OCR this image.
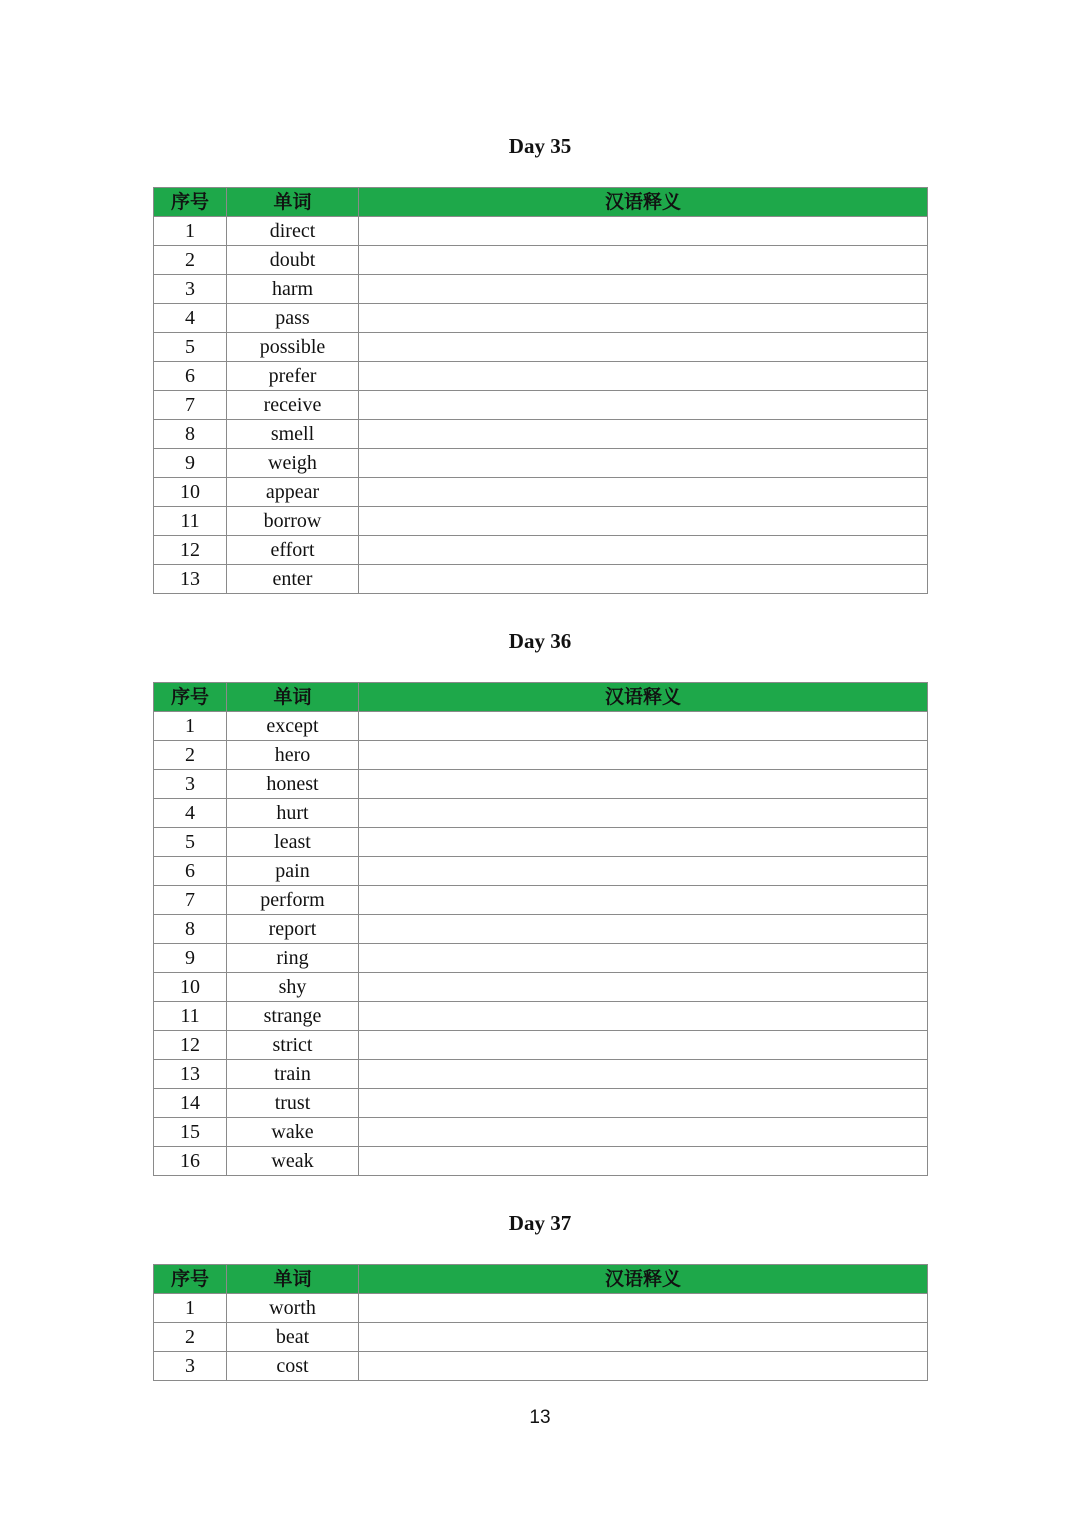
Day 35
序号	单词	汉语释义
1	direct	
2	doubt	
3	harm	
4	pass	
5	possible	
6	prefer	
7	receive	
8	smell	
9	weigh	
10	appear	
11	borrow	
12	effort	
13	enter	
Day 36
序号	单词	汉语释义
1	except	
2	hero	
3	honest	
4	hurt	
5	least	
6	pain	
7	perform	
8	report	
9	ring	
10	shy	
11	strange	
12	strict	
13	train	
14	trust	
15	wake	
16	weak	
Day 37
序号	单词	汉语释义
1	worth	
2	beat	
3	cost	
13
